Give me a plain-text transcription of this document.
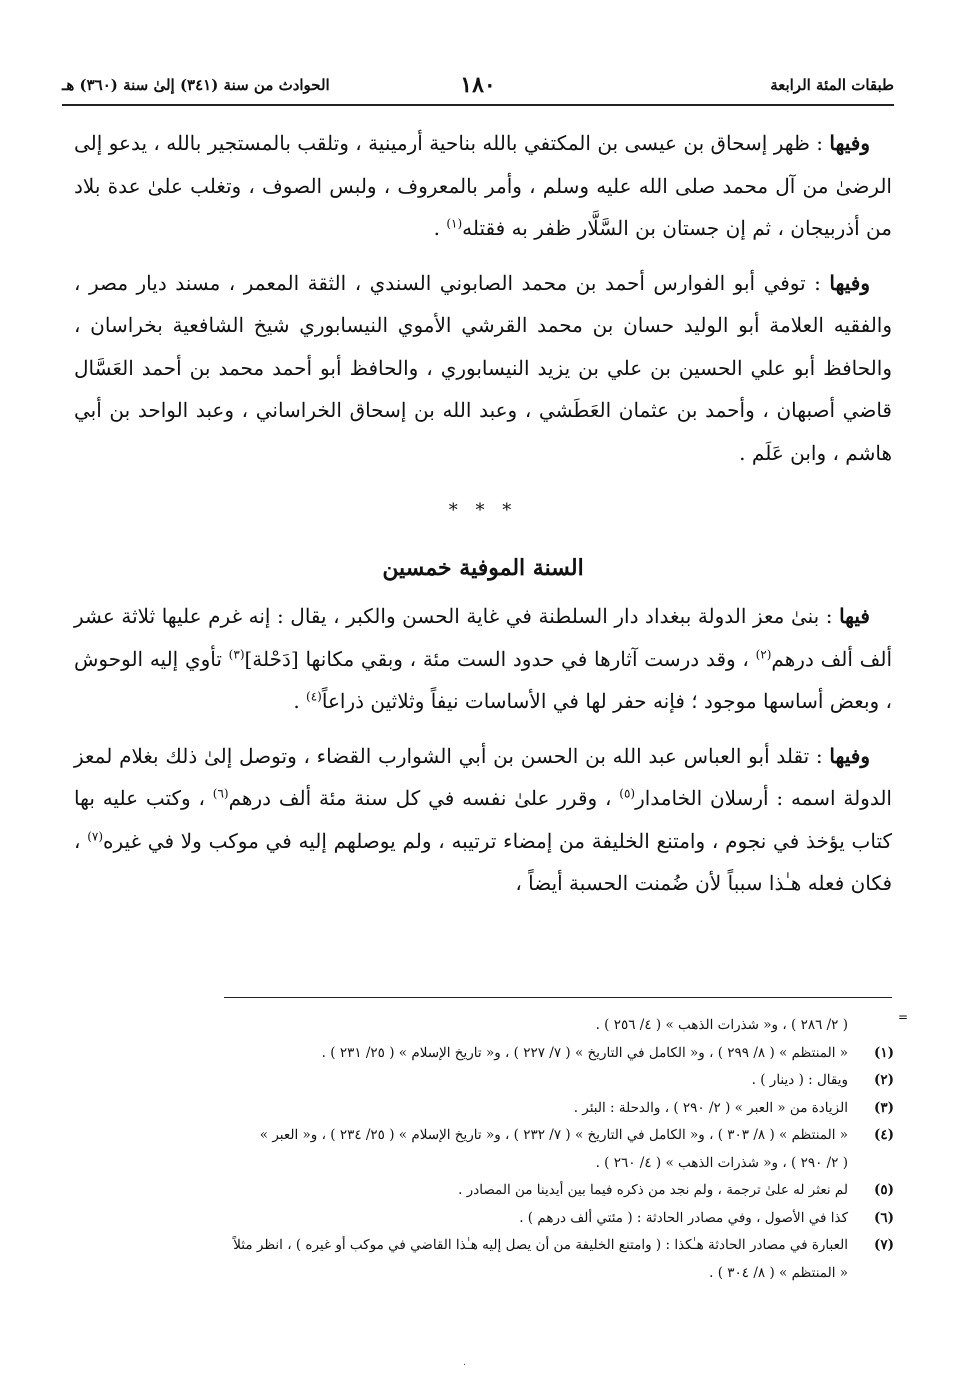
طبقات المئة الرابعة
١٨٠
الحوادث من سنة (٣٤١) إلىٰ سنة (٣٦٠) هـ

وفيها : ظهر إسحاق بن عيسى بن المكتفي بالله بناحية أرمينية ، وتلقب بالمستجير بالله ، يدعو إلى الرضىٰ من آل محمد صلى الله عليه وسلم ، وأمر بالمعروف ، ولبس الصوف ، وتغلب علىٰ عدة بلاد من أذربيجان ، ثم إن جستان بن السَّلَّار ظفر به فقتله$^{(١)}$ .

وفيها : توفي أبو الفوارس أحمد بن محمد الصابوني السندي ، الثقة المعمر ، مسند ديار مصر ، والفقيه العلامة أبو الوليد حسان بن محمد القرشي الأموي النيسابوري شيخ الشافعية بخراسان ، والحافظ أبو علي الحسين بن علي بن يزيد النيسابوري ، والحافظ أبو أحمد محمد بن أحمد العَسَّال قاضي أصبهان ، وأحمد بن عثمان العَطَشي ، وعبد الله بن إسحاق الخراساني ، وعبد الواحد بن أبي هاشم ، وابن عَلَم .

* * *
السنة الموفية خمسين

فيها : بنىٰ معز الدولة ببغداد دار السلطنة في غاية الحسن والكبر ، يقال : إنه غرم عليها ثلاثة عشر ألف ألف درهم$^{(٢)}$ ، وقد درست آثارها في حدود الست مئة ، وبقي مكانها [دَحْلة]$^{(٣)}$ تأوي إليه الوحوش ، وبعض أساسها موجود ؛ فإنه حفر لها في الأساسات نيفاً وثلاثين ذراعاً$^{(٤)}$ .

وفيها : تقلد أبو العباس عبد الله بن الحسن بن أبي الشوارب القضاء ، وتوصل إلىٰ ذلك بغلام لمعز الدولة اسمه : أرسلان الخامدار$^{(٥)}$ ، وقرر علىٰ نفسه في كل سنة مئة ألف درهم$^{(٦)}$ ، وكتب عليه بها كتاب يؤخذ في نجوم ، وامتنع الخليفة من إمضاء ترتيبه ، ولم يوصلهم إليه في موكب ولا في غيره$^{(٧)}$ ، فكان فعله هـٰذا سبباً لأن ضُمنت الحسبة أيضاً ،

=
( ٢/ ٢٨٦ ) ، و« شذرات الذهب » ( ٤/ ٢٥٦ ) .
(١)
« المنتظم » ( ٨/ ٢٩٩ ) ، و« الكامل في التاريخ » ( ٧/ ٢٢٧ ) ، و« تاريخ الإسلام » ( ٢٥/ ٢٣١ ) .
(٢)
ويقال : ( دينار ) .
(٣)
الزيادة من « العبر » ( ٢/ ٢٩٠ ) ، والدحلة : البئر .
(٤)
« المنتظم » ( ٨/ ٣٠٣ ) ، و« الكامل في التاريخ » ( ٧/ ٢٣٢ ) ، و« تاريخ الإسلام » ( ٢٥/ ٢٣٤ ) ، و« العبر »
( ٢/ ٢٩٠ ) ، و« شذرات الذهب » ( ٤/ ٢٦٠ ) .
(٥)
لم نعثر له علىٰ ترجمة ، ولم نجد من ذكره فيما بين أيدينا من المصادر .
(٦)
كذا في الأصول ، وفي مصادر الحادثة : ( مئتي ألف درهم ) .
(٧)
العبارة في مصادر الحادثة هـٰكذا : ( وامتنع الخليفة من أن يصل إليه هـٰذا القاضي في موكب أو غيره ) ، انظر مثلاً
« المنتظم » ( ٨/ ٣٠٤ ) .
·
